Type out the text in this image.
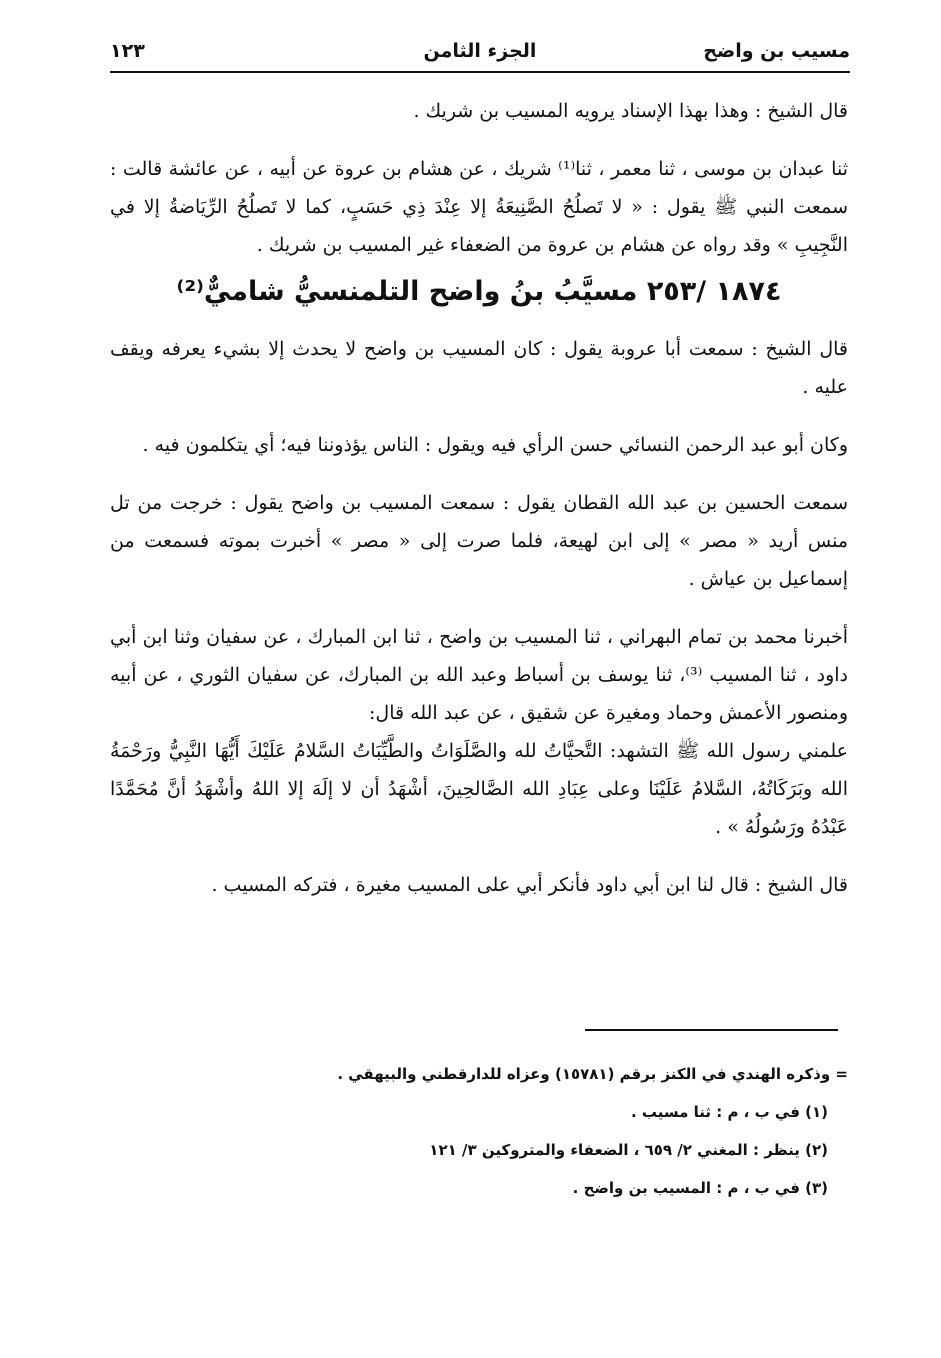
مسيب بن واضح
الجزء الثامن
١٢٣

قال الشيخ : وهذا بهذا الإسناد يرويه المسيب بن شريك .

ثنا عبدان بن موسى ، ثنا معمر ، ثنا⁽¹⁾ شريك ، عن هشام بن عروة عن أبيه ، عن عائشة قالت : سمعت النبي ﷺ يقول : « لا تَصلُحُ الصَّنِيعَةُ إلا عِنْدَ ذِي حَسَبٍ، كما لا تَصلُحُ الرِّيَاضةُ إلا في النَّجِيبِ » وقد رواه عن هشام بن عروة من الضعفاء غير المسيب بن شريك .

١٨٧٤ /٢٥٣ مسيَّبُ بنُ واضح التلمنسيُّ شاميٌّ⁽²⁾

قال الشيخ : سمعت أبا عروبة يقول : كان المسيب بن واضح لا يحدث إلا بشيء يعرفه ويقف عليه .

وكان أبو عبد الرحمن النسائي حسن الرأي فيه ويقول : الناس يؤذوننا فيه؛ أي يتكلمون فيه .

سمعت الحسين بن عبد الله القطان يقول : سمعت المسيب بن واضح يقول : خرجت من تل منس أريد « مصر » إلى ابن لهيعة، فلما صرت إلى « مصر » أخبرت بموته فسمعت من إسماعيل بن عياش .

أخبرنا محمد بن تمام البهراني ، ثنا المسيب بن واضح ، ثنا ابن المبارك ، عن سفيان وثنا ابن أبي داود ، ثنا المسيب ⁽³⁾، ثنا يوسف بن أسباط وعبد الله بن المبارك، عن سفيان الثوري ، عن أبيه ومنصور الأعمش وحماد ومغيرة عن شقيق ، عن عبد الله قال:

علمني رسول الله ﷺ التشهد: التَّحيَّاتُ لله والصَّلَوَاتُ والطَّيِّبَاتُ السَّلامُ عَلَيْكَ أَيُّهَا النَّبِيُّ ورَحْمَةُ الله وبَرَكَاتُهُ، السَّلامُ عَلَيْنَا وعلى عِبَادِ الله الصَّالحِينَ، أشْهَدُ أن لا إلَهَ إلا اللهُ وأشْهَدُ أنَّ مُحَمَّدًا عَبْدُهُ ورَسُولُهُ » .

قال الشيخ : قال لنا ابن أبي داود فأنكر أبي على المسيب مغيرة ، فتركه المسيب .

= وذكره الهندي في الكنز برقم (١٥٧٨١) وعزاه للدارقطني والبيهقي .

(١) في ب ، م : ثنا مسيب .

(٢) ينظر : المغني ٢/ ٦٥٩ ، الضعفاء والمتروكين ٣/ ١٢١

(٣) في ب ، م : المسيب بن واضح .
